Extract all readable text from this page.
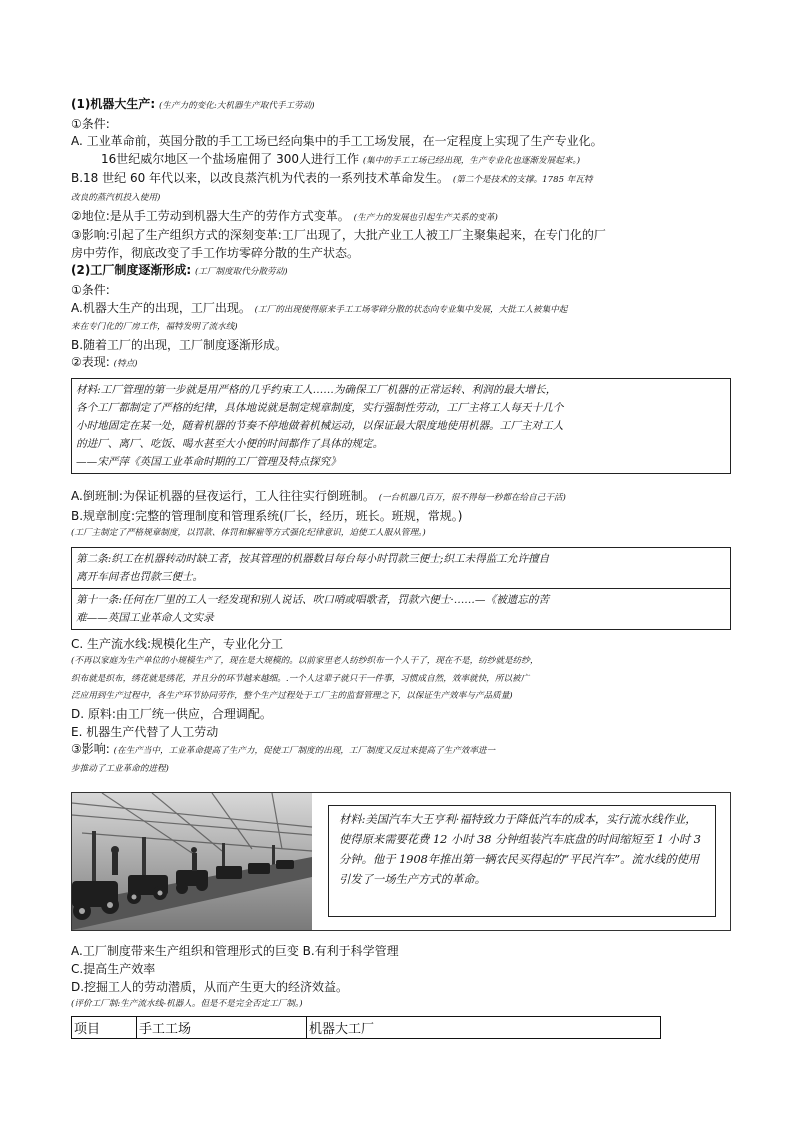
(1)机器大生产: (生产力的变化:大机器生产取代手工劳动)
①条件:
A. 工业革命前，英国分散的手工工场已经向集中的手工工场发展，在一定程度上实现了生产专业化。
16世纪威尔地区一个盐场雇佣了 300人进行工作 (集中的手工工场已经出现，生产专业化也逐渐发展起来。)
B.18 世纪 60 年代以来，以改良蒸汽机为代表的一系列技术革命发生。 (第二个是技术的支撑。1785 年瓦特
改良的蒸汽机投入使用)
②地位:是从手工劳动到机器大生产的劳作方式变革。 (生产力的发展也引起生产关系的变革)
③影响:引起了生产组织方式的深刻变革:工厂出现了，大批产业工人被工厂主聚集起来，在专门化的厂
房中劳作，彻底改变了手工作坊零碎分散的生产状态。
(2)工厂制度逐渐形成: (工厂制度取代分散劳动)
①条件:
A.机器大生产的出现，工厂出现。 (工厂的出现使得原来手工工场零碎分散的状态向专业集中发展，大批工人被集中起
来在专门化的厂房工作，福特发明了流水线)
B.随着工厂的出现，工厂制度逐渐形成。
②表现: (特点)
材料:工厂管理的第一步就是用严格的几乎约束工人……为确保工厂机器的正常运转、利润的最大增长，
各个工厂都制定了严格的纪律，具体地说就是制定规章制度，实行强制性劳动，工厂主将工人每天十几个
小时地固定在某一处，随着机器的节奏不停地做着机械运动，以保证最大限度地使用机器。工厂主对工人
的进厂、离厂、吃饭、喝水甚至大小便的时间都作了具体的规定。
——宋严萍《英国工业革命时期的工厂管理及特点探究》
A.倒班制:为保证机器的昼夜运行，工人往往实行倒班制。 (一台机器几百万，很不得每一秒都在给自己干活)
B.规章制度:完整的管理制度和管理系统(厂长，经历，班长。班规，常规。)
(工厂主制定了严格规章制度，以罚款、体罚和解雇等方式强化纪律意识，迫使工人服从管理。)
第二条:织工在机器转动时缺工者，按其管理的机器数目每台每小时罚款三便士;织工未得监工允许擅自
离开车间者也罚款三便士。
第十一条:任何在厂里的工人一经发现和别人说话、吹口哨或唱歌者，罚款六便士·……—《被遗忘的苦
难——英国工业革命人文实录
C. 生产流水线:规模化生产，专业化分工
(不再以家庭为生产单位的小规模生产了，现在是大规模的。以前家里老人纺纱织布一个人干了，现在不是，纺纱就是纺纱，
织布就是织布，绣花就是绣花，并且分的环节越来越细。.一个人这辈子就只干一件事，习惯成自然，效率就快，所以被广
泛应用到生产过程中，各生产环节协同劳作，整个生产过程处于工厂主的监督管理之下，以保证生产效率与产品质量)
D. 原料:由工厂统一供应，合理调配。
E. 机器生产代替了人工劳动
③影响: (在生产当中，工业革命提高了生产力，促使工厂制度的出现，工厂制度又反过来提高了生产效率进一
步推动了工业革命的进程)
材料:美国汽车大王亨利·福特致力于降低汽车的成本，实行流水线作业，使得原来需要花费 12 小时 38 分钟组装汽车底盘的时间缩短至 1 小时 3 分钟。他于 1908年推出第一辆农民买得起的“平民汽车”。流水线的使用引发了一场生产方式的革命。
A.工厂制度带来生产组织和管理形式的巨变 B.有利于科学管理
C.提高生产效率
D.挖掘工人的劳动潜质，从而产生更大的经济效益。
(评价工厂制:生产流水线-机器人。但是不是完全否定工厂制。)
项目	手工工场	机器大工厂
